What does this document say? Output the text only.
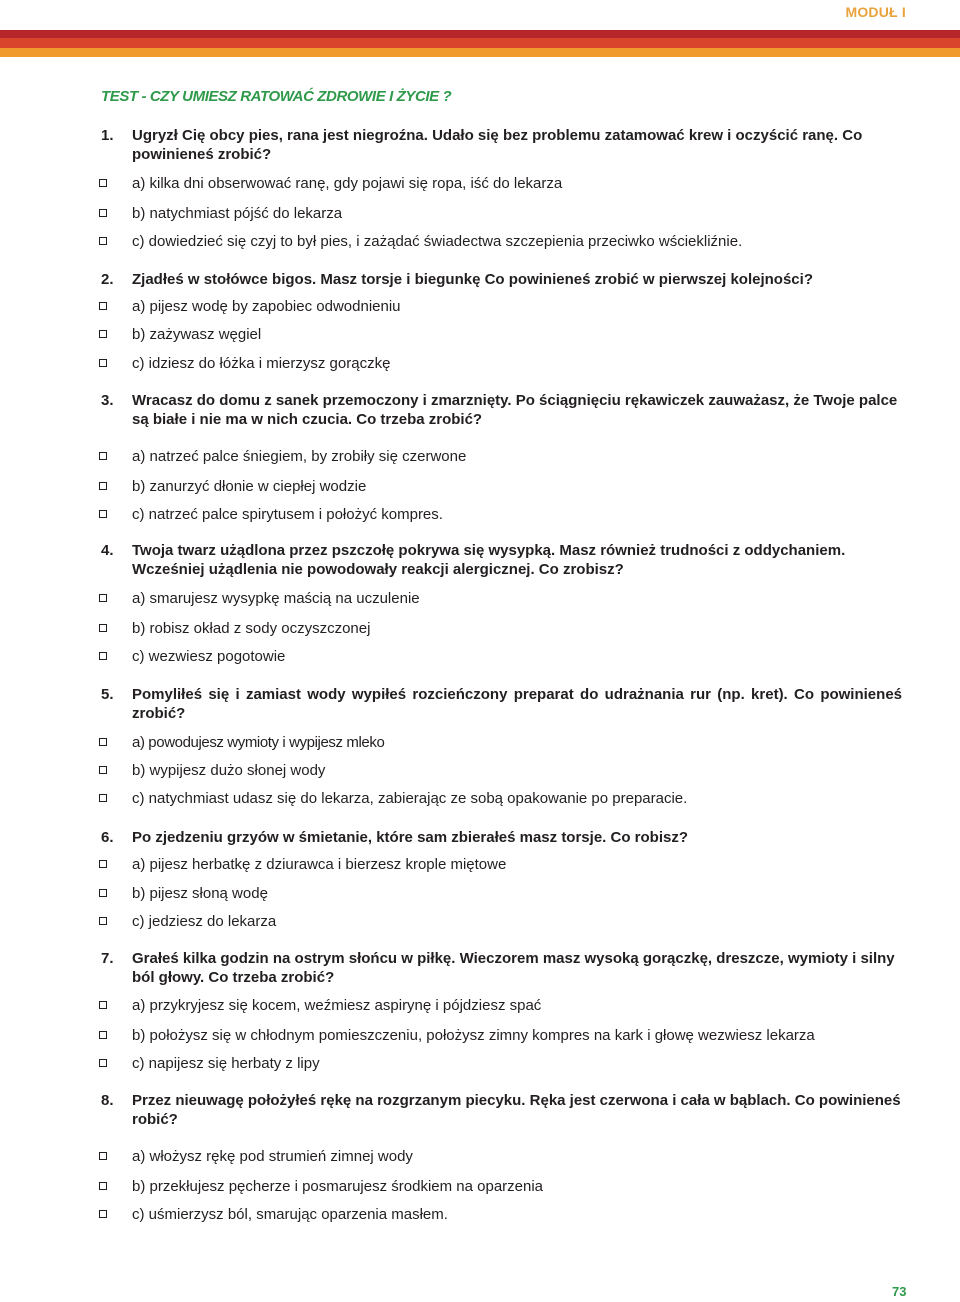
MODUŁ I
TEST - CZY UMIESZ RATOWAĆ ZDROWIE I ŻYCIE ?
1. Ugryzł Cię obcy pies, rana jest niegroźna. Udało się bez problemu zatamować krew i oczyścić ranę. Co powinieneś zrobić?
a) kilka dni obserwować ranę, gdy pojawi się ropa, iść do lekarza
b) natychmiast pójść do lekarza
c) dowiedzieć się czyj to był pies, i zażądać świadectwa szczepienia przeciwko wściekliźnie.
2. Zjadłeś w stołówce bigos. Masz torsje i biegunkę Co powinieneś zrobić w pierwszej kolejności?
a) pijesz wodę by zapobiec odwodnieniu
b) zażywasz węgiel
c) idziesz do łóżka i mierzysz gorączkę
3. Wracasz do domu z sanek przemoczony i zmarznięty. Po ściągnięciu rękawiczek zauważasz, że Twoje palce są białe i nie ma w nich czucia. Co trzeba zrobić?
a) natrzeć palce śniegiem, by zrobiły się czerwone
b) zanurzyć dłonie w ciepłej wodzie
c) natrzeć palce spirytusem i położyć kompres.
4. Twoja twarz użądlona przez pszczołę pokrywa się wysypką. Masz również trudności z oddychaniem. Wcześniej użądlenia nie powodowały reakcji alergicznej. Co zrobisz?
a) smarujesz wysypkę maścią na uczulenie
b) robisz okład z sody oczyszczonej
c) wezwiesz pogotowie
5. Pomyliłeś się i zamiast wody wypiłeś rozcieńczony preparat do udrażnania rur (np. kret). Co powinieneś zrobić?
a) powodujesz wymioty i wypijesz mleko
b) wypijesz dużo słonej wody
c) natychmiast udasz się do lekarza, zabierając ze sobą opakowanie po preparacie.
6. Po zjedzeniu grzyów w śmietanie, które sam zbierałeś masz torsje. Co robisz?
a) pijesz herbatkę z dziurawca i bierzesz krople miętowe
b) pijesz słoną wodę
c) jedziesz do lekarza
7. Grałeś kilka godzin na ostrym słońcu w piłkę. Wieczorem masz wysoką gorączkę, dreszcze, wymioty i silny ból głowy. Co trzeba zrobić?
a) przykryjesz się kocem, weźmiesz aspirynę i pójdziesz spać
b) położysz się w chłodnym pomieszczeniu, położysz zimny kompres na kark i głowę wezwiesz lekarza
c) napijesz się herbaty z lipy
8. Przez nieuwagę położyłeś rękę na rozgrzanym piecyku. Ręka jest czerwona i cała w bąblach. Co powinieneś robić?
a) włożysz rękę pod strumień zimnej wody
b) przekłujesz pęcherze i posmarujesz środkiem na oparzenia
c) uśmierzysz ból, smarując oparzenia masłem.
73
